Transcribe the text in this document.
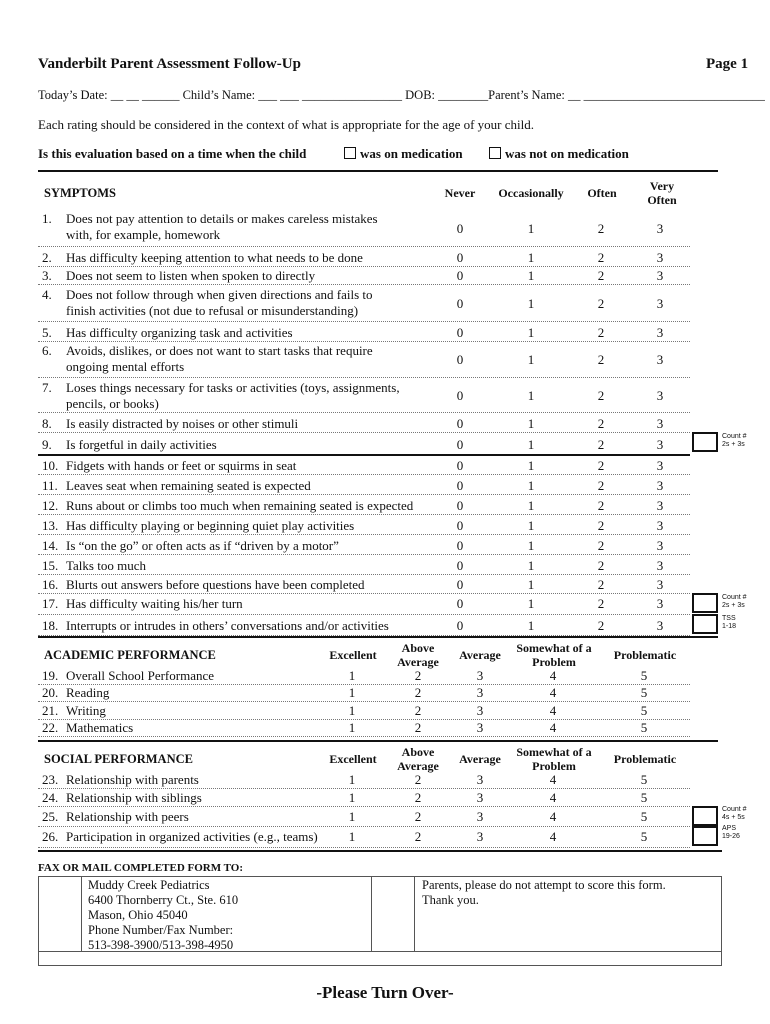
Vanderbilt Parent Assessment Follow-Up	Page 1
Today’s Date: __ __ ______ Child’s Name: ___ ___ ________________ DOB: ________Parent’s Name: __ _____________________________
Each rating should be considered in the context of what is appropriate for the age of your child.
Is this evaluation based on a time when the child	was on medication	was not on medication
SYMPTOMS	Never	Occasionally	Often	Very Often
1. Does not pay attention to details or makes careless mistakes
with, for example, homework	0	1	2	3
2. Has difficulty keeping attention to what needs to be done	0	1	2	3
3. Does not seem to listen when spoken to directly	0	1	2	3
4. Does not follow through when given directions and fails to
finish activities (not due to refusal or misunderstanding)	0	1	2	3
5. Has difficulty organizing task and activities	0	1	2	3
6. Avoids, dislikes, or does not want to start tasks that require
ongoing mental efforts	0	1	2	3
7. Loses things necessary for tasks or activities (toys, assignments,
pencils, or books)
0	1	2	3
8. Is easily distracted by noises or other stimuli	0	1	2	3
9. Is forgetful in daily activities	0	1	2	3
10. Fidgets with hands or feet or squirms in seat	0	1	2	3
11. Leaves seat when remaining seated is expected	0	1	2	3
12. Runs about or climbs too much when remaining seated is expected	0	1	2	3
13. Has difficulty playing or beginning quiet play activities	0	1	2	3
14. Is “on the go” or often acts as if “driven by a motor”	0	1	2	3
15. Talks too much	0	1	2	3
16. Blurts out answers before questions have been completed	0	1	2	3
17. Has difficulty waiting his/her turn	0	1	2	3
18. Interrupts or intrudes in others’ conversations and/or activities	0	1	2	3
Count #
2s + 3s
Count #
2s + 3s
TSS
1-18
ACADEMIC PERFORMANCE	Excellent	Above Average	Average	Somewhat of a Problem	Problematic
19. Overall School Performance	1	2	3	4	5
20. Reading	1	2	3	4	5
21. Writing	1	2	3	4	5
22. Mathematics	1	2	3	4	5
SOCIAL PERFORMANCE	Excellent	Above Average	Average	Somewhat of a Problem	Problematic
23. Relationship with parents	1	2	3	4	5
24. Relationship with siblings	1	2	3	4	5
25. Relationship with peers	1	2	3	4	5
26. Participation in organized activities (e.g., teams)	1	2	3	4	5
Count #
4s + 5s
APS
19-26
FAX OR MAIL COMPLETED FORM TO:
Muddy Creek Pediatrics
6400 Thornberry Ct., Ste. 610
Mason, Ohio 45040
Phone Number/Fax Number:
513-398-3900/513-398-4950
Parents, please do not attempt to score this form.
Thank you.
-Please Turn Over-
